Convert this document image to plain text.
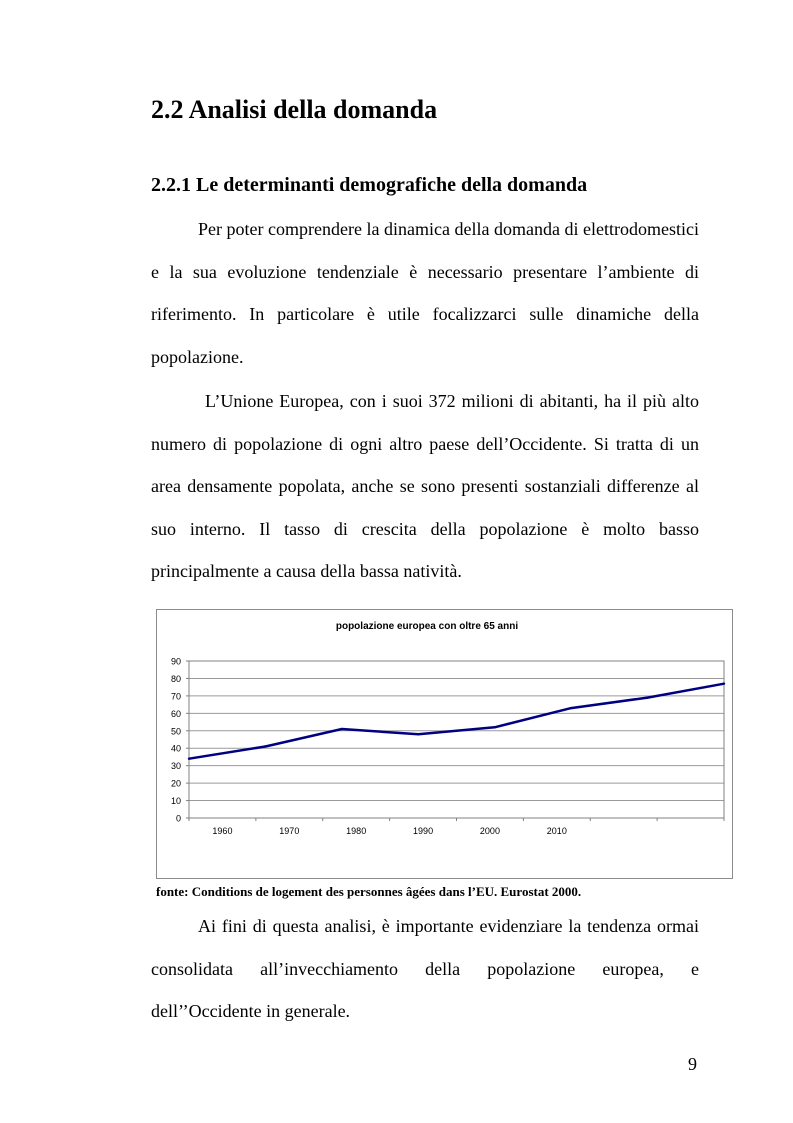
2.2 Analisi della domanda
2.2.1 Le determinanti demografiche della domanda

Per poter comprendere la dinamica della domanda di elettrodomestici e la sua evoluzione tendenziale è necessario presentare l’ambiente di riferimento. In particolare è utile focalizzarci sulle dinamiche della popolazione.

L’Unione Europea, con i suoi 372 milioni di abitanti, ha il più alto numero di popolazione di ogni altro paese dell’Occidente. Si tratta di un area densamente popolata, anche se sono presenti sostanziali differenze al suo interno. Il tasso di crescita della popolazione è molto basso principalmente a causa della bassa natività.

popolazione europea con oltre 65 anni
0
10
20
30
40
50
60
70
80
90
1960	1970	1980	1990	2000	2010

fonte: Conditions de logement des personnes âgées dans l’EU. Eurostat 2000.

Ai fini di questa analisi, è importante evidenziare la tendenza ormai consolidata all’invecchiamento della popolazione europea, e dell’’Occidente in generale.

9
